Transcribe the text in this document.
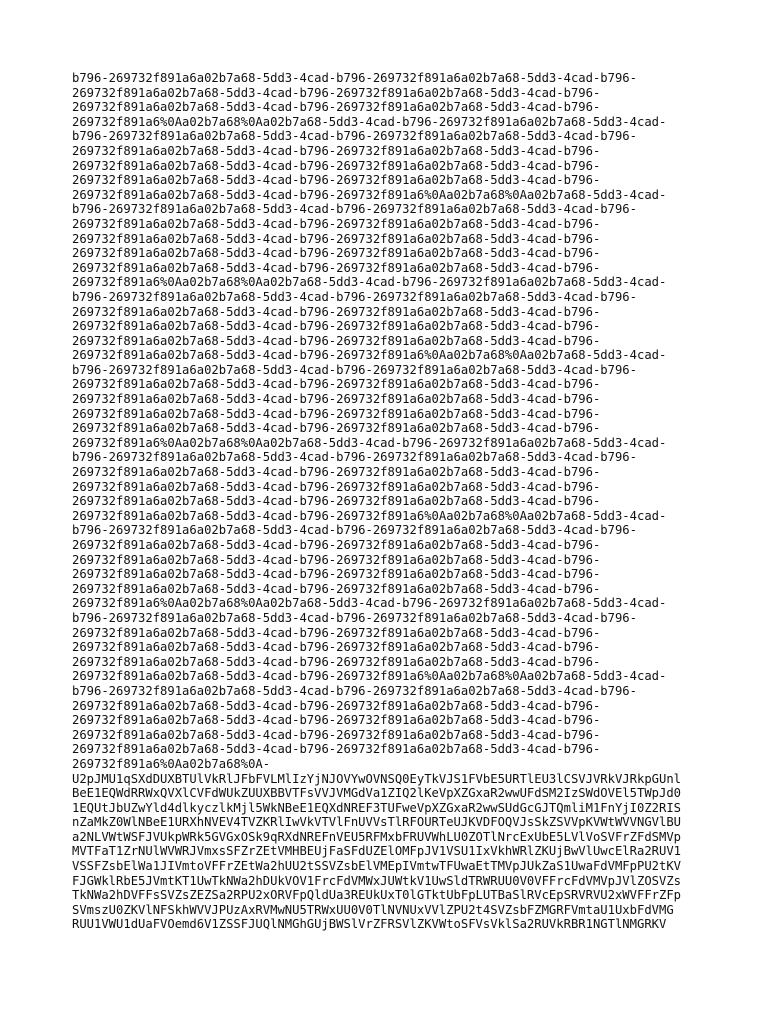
b796-269732f891a6a02b7a68-5dd3-4cad-b796-269732f891a6a02b7a68-5dd3-4cad-b796-
269732f891a6a02b7a68-5dd3-4cad-b796-269732f891a6a02b7a68-5dd3-4cad-b796-
269732f891a6a02b7a68-5dd3-4cad-b796-269732f891a6a02b7a68-5dd3-4cad-b796-
269732f891a6%0Aa02b7a68%0Aa02b7a68-5dd3-4cad-b796-269732f891a6a02b7a68-5dd3-4cad-
b796-269732f891a6a02b7a68-5dd3-4cad-b796-269732f891a6a02b7a68-5dd3-4cad-b796-
269732f891a6a02b7a68-5dd3-4cad-b796-269732f891a6a02b7a68-5dd3-4cad-b796-
269732f891a6a02b7a68-5dd3-4cad-b796-269732f891a6a02b7a68-5dd3-4cad-b796-
269732f891a6a02b7a68-5dd3-4cad-b796-269732f891a6a02b7a68-5dd3-4cad-b796-
269732f891a6a02b7a68-5dd3-4cad-b796-269732f891a6%0Aa02b7a68%0Aa02b7a68-5dd3-4cad-
b796-269732f891a6a02b7a68-5dd3-4cad-b796-269732f891a6a02b7a68-5dd3-4cad-b796-
269732f891a6a02b7a68-5dd3-4cad-b796-269732f891a6a02b7a68-5dd3-4cad-b796-
269732f891a6a02b7a68-5dd3-4cad-b796-269732f891a6a02b7a68-5dd3-4cad-b796-
269732f891a6a02b7a68-5dd3-4cad-b796-269732f891a6a02b7a68-5dd3-4cad-b796-
269732f891a6a02b7a68-5dd3-4cad-b796-269732f891a6a02b7a68-5dd3-4cad-b796-
269732f891a6%0Aa02b7a68%0Aa02b7a68-5dd3-4cad-b796-269732f891a6a02b7a68-5dd3-4cad-
b796-269732f891a6a02b7a68-5dd3-4cad-b796-269732f891a6a02b7a68-5dd3-4cad-b796-
269732f891a6a02b7a68-5dd3-4cad-b796-269732f891a6a02b7a68-5dd3-4cad-b796-
269732f891a6a02b7a68-5dd3-4cad-b796-269732f891a6a02b7a68-5dd3-4cad-b796-
269732f891a6a02b7a68-5dd3-4cad-b796-269732f891a6a02b7a68-5dd3-4cad-b796-
269732f891a6a02b7a68-5dd3-4cad-b796-269732f891a6%0Aa02b7a68%0Aa02b7a68-5dd3-4cad-
b796-269732f891a6a02b7a68-5dd3-4cad-b796-269732f891a6a02b7a68-5dd3-4cad-b796-
269732f891a6a02b7a68-5dd3-4cad-b796-269732f891a6a02b7a68-5dd3-4cad-b796-
269732f891a6a02b7a68-5dd3-4cad-b796-269732f891a6a02b7a68-5dd3-4cad-b796-
269732f891a6a02b7a68-5dd3-4cad-b796-269732f891a6a02b7a68-5dd3-4cad-b796-
269732f891a6a02b7a68-5dd3-4cad-b796-269732f891a6a02b7a68-5dd3-4cad-b796-
269732f891a6%0Aa02b7a68%0Aa02b7a68-5dd3-4cad-b796-269732f891a6a02b7a68-5dd3-4cad-
b796-269732f891a6a02b7a68-5dd3-4cad-b796-269732f891a6a02b7a68-5dd3-4cad-b796-
269732f891a6a02b7a68-5dd3-4cad-b796-269732f891a6a02b7a68-5dd3-4cad-b796-
269732f891a6a02b7a68-5dd3-4cad-b796-269732f891a6a02b7a68-5dd3-4cad-b796-
269732f891a6a02b7a68-5dd3-4cad-b796-269732f891a6a02b7a68-5dd3-4cad-b796-
269732f891a6a02b7a68-5dd3-4cad-b796-269732f891a6%0Aa02b7a68%0Aa02b7a68-5dd3-4cad-
b796-269732f891a6a02b7a68-5dd3-4cad-b796-269732f891a6a02b7a68-5dd3-4cad-b796-
269732f891a6a02b7a68-5dd3-4cad-b796-269732f891a6a02b7a68-5dd3-4cad-b796-
269732f891a6a02b7a68-5dd3-4cad-b796-269732f891a6a02b7a68-5dd3-4cad-b796-
269732f891a6a02b7a68-5dd3-4cad-b796-269732f891a6a02b7a68-5dd3-4cad-b796-
269732f891a6a02b7a68-5dd3-4cad-b796-269732f891a6a02b7a68-5dd3-4cad-b796-
269732f891a6%0Aa02b7a68%0Aa02b7a68-5dd3-4cad-b796-269732f891a6a02b7a68-5dd3-4cad-
b796-269732f891a6a02b7a68-5dd3-4cad-b796-269732f891a6a02b7a68-5dd3-4cad-b796-
269732f891a6a02b7a68-5dd3-4cad-b796-269732f891a6a02b7a68-5dd3-4cad-b796-
269732f891a6a02b7a68-5dd3-4cad-b796-269732f891a6a02b7a68-5dd3-4cad-b796-
269732f891a6a02b7a68-5dd3-4cad-b796-269732f891a6a02b7a68-5dd3-4cad-b796-
269732f891a6a02b7a68-5dd3-4cad-b796-269732f891a6%0Aa02b7a68%0Aa02b7a68-5dd3-4cad-
b796-269732f891a6a02b7a68-5dd3-4cad-b796-269732f891a6a02b7a68-5dd3-4cad-b796-
269732f891a6a02b7a68-5dd3-4cad-b796-269732f891a6a02b7a68-5dd3-4cad-b796-
269732f891a6a02b7a68-5dd3-4cad-b796-269732f891a6a02b7a68-5dd3-4cad-b796-
269732f891a6a02b7a68-5dd3-4cad-b796-269732f891a6a02b7a68-5dd3-4cad-b796-
269732f891a6a02b7a68-5dd3-4cad-b796-269732f891a6a02b7a68-5dd3-4cad-b796-
269732f891a6%0Aa02b7a68%0A-
U2pJMU1qSXdDUXBTUlVkRlJFbFVLMlIzYjNJOVYwOVNSQ0EyTkVJS1FVbE5URTlEU3lCSVJVRkVJRkpGUnl
BeE1EQWdRRWxQVXlCVFdWUkZUUXBBVTFsVVJVMGdVa1ZIQ2lKeVpXZGxaR2wwUFdSM2IzSWdOVEl5TWpJd0
1EQUtJbUZwYld4dlkyczlkMjl5WkNBeE1EQXdNREF3TUFweVpXZGxaR2wwSUdGcGJTQmliM1FnYjI0Z2RIS
nZaMkZ0WlNBeE1URXhNVEV4TVZKRlIwVkVTVlFnUVVsTlRFOURTeUJKVDFOQVJsSkZSVVpKVWtWVVNGVlBU
a2NLVWtWSFJVUkpWRk5GVGxOSk9qRXdNREFnVEU5RFMxbFRUVWhLU0ZOTlNrcExUbE5LVlVoSVFrZFdSMVp
MVTFaT1ZrNUlWVWRJVmxsSFZrZEtVMHBEUjFaSFdUZElOMFpJV1VSU1IxVkhWRlZKUjBwVlUwcElRa2RUV1
VSSFZsbElWa1JIVmtoVFFrZEtWa2hUU2tSSVZsbElVMEpIVmtwTFUwaEtTMVpJUkZaS1UwaFdVMFpPU2tKV
FJGWklRbE5JVmtKT1UwTkNWa2hDUkVOV1FrcFdVMWxJUWtkV1UwSldTRWRUU0V0VFFrcFdVMVpJVlZOSVZs
TkNWa2hDVFFsSVZsZEZSa2RPU2xORVFpQldUa3REUkUxT0lGTktUbFpLUTBaSlRVcEpSRVRVU2xWVFFrZFp
SVmszU0ZKVlNFSkhWVVJPUzAxRVMwNU5TRWxUU0V0TlNVNUxVVlZPU2t4SVZsbFZMGRFVmtaU1UxbFdVMG
RUU1VWU1dUaFVOemd6V1ZSSFJUQlNMGhGUjBWSlVrZFRSVlZKVWtoSFVsVklSa2RUVkRBR1NGTlNMGRKV
